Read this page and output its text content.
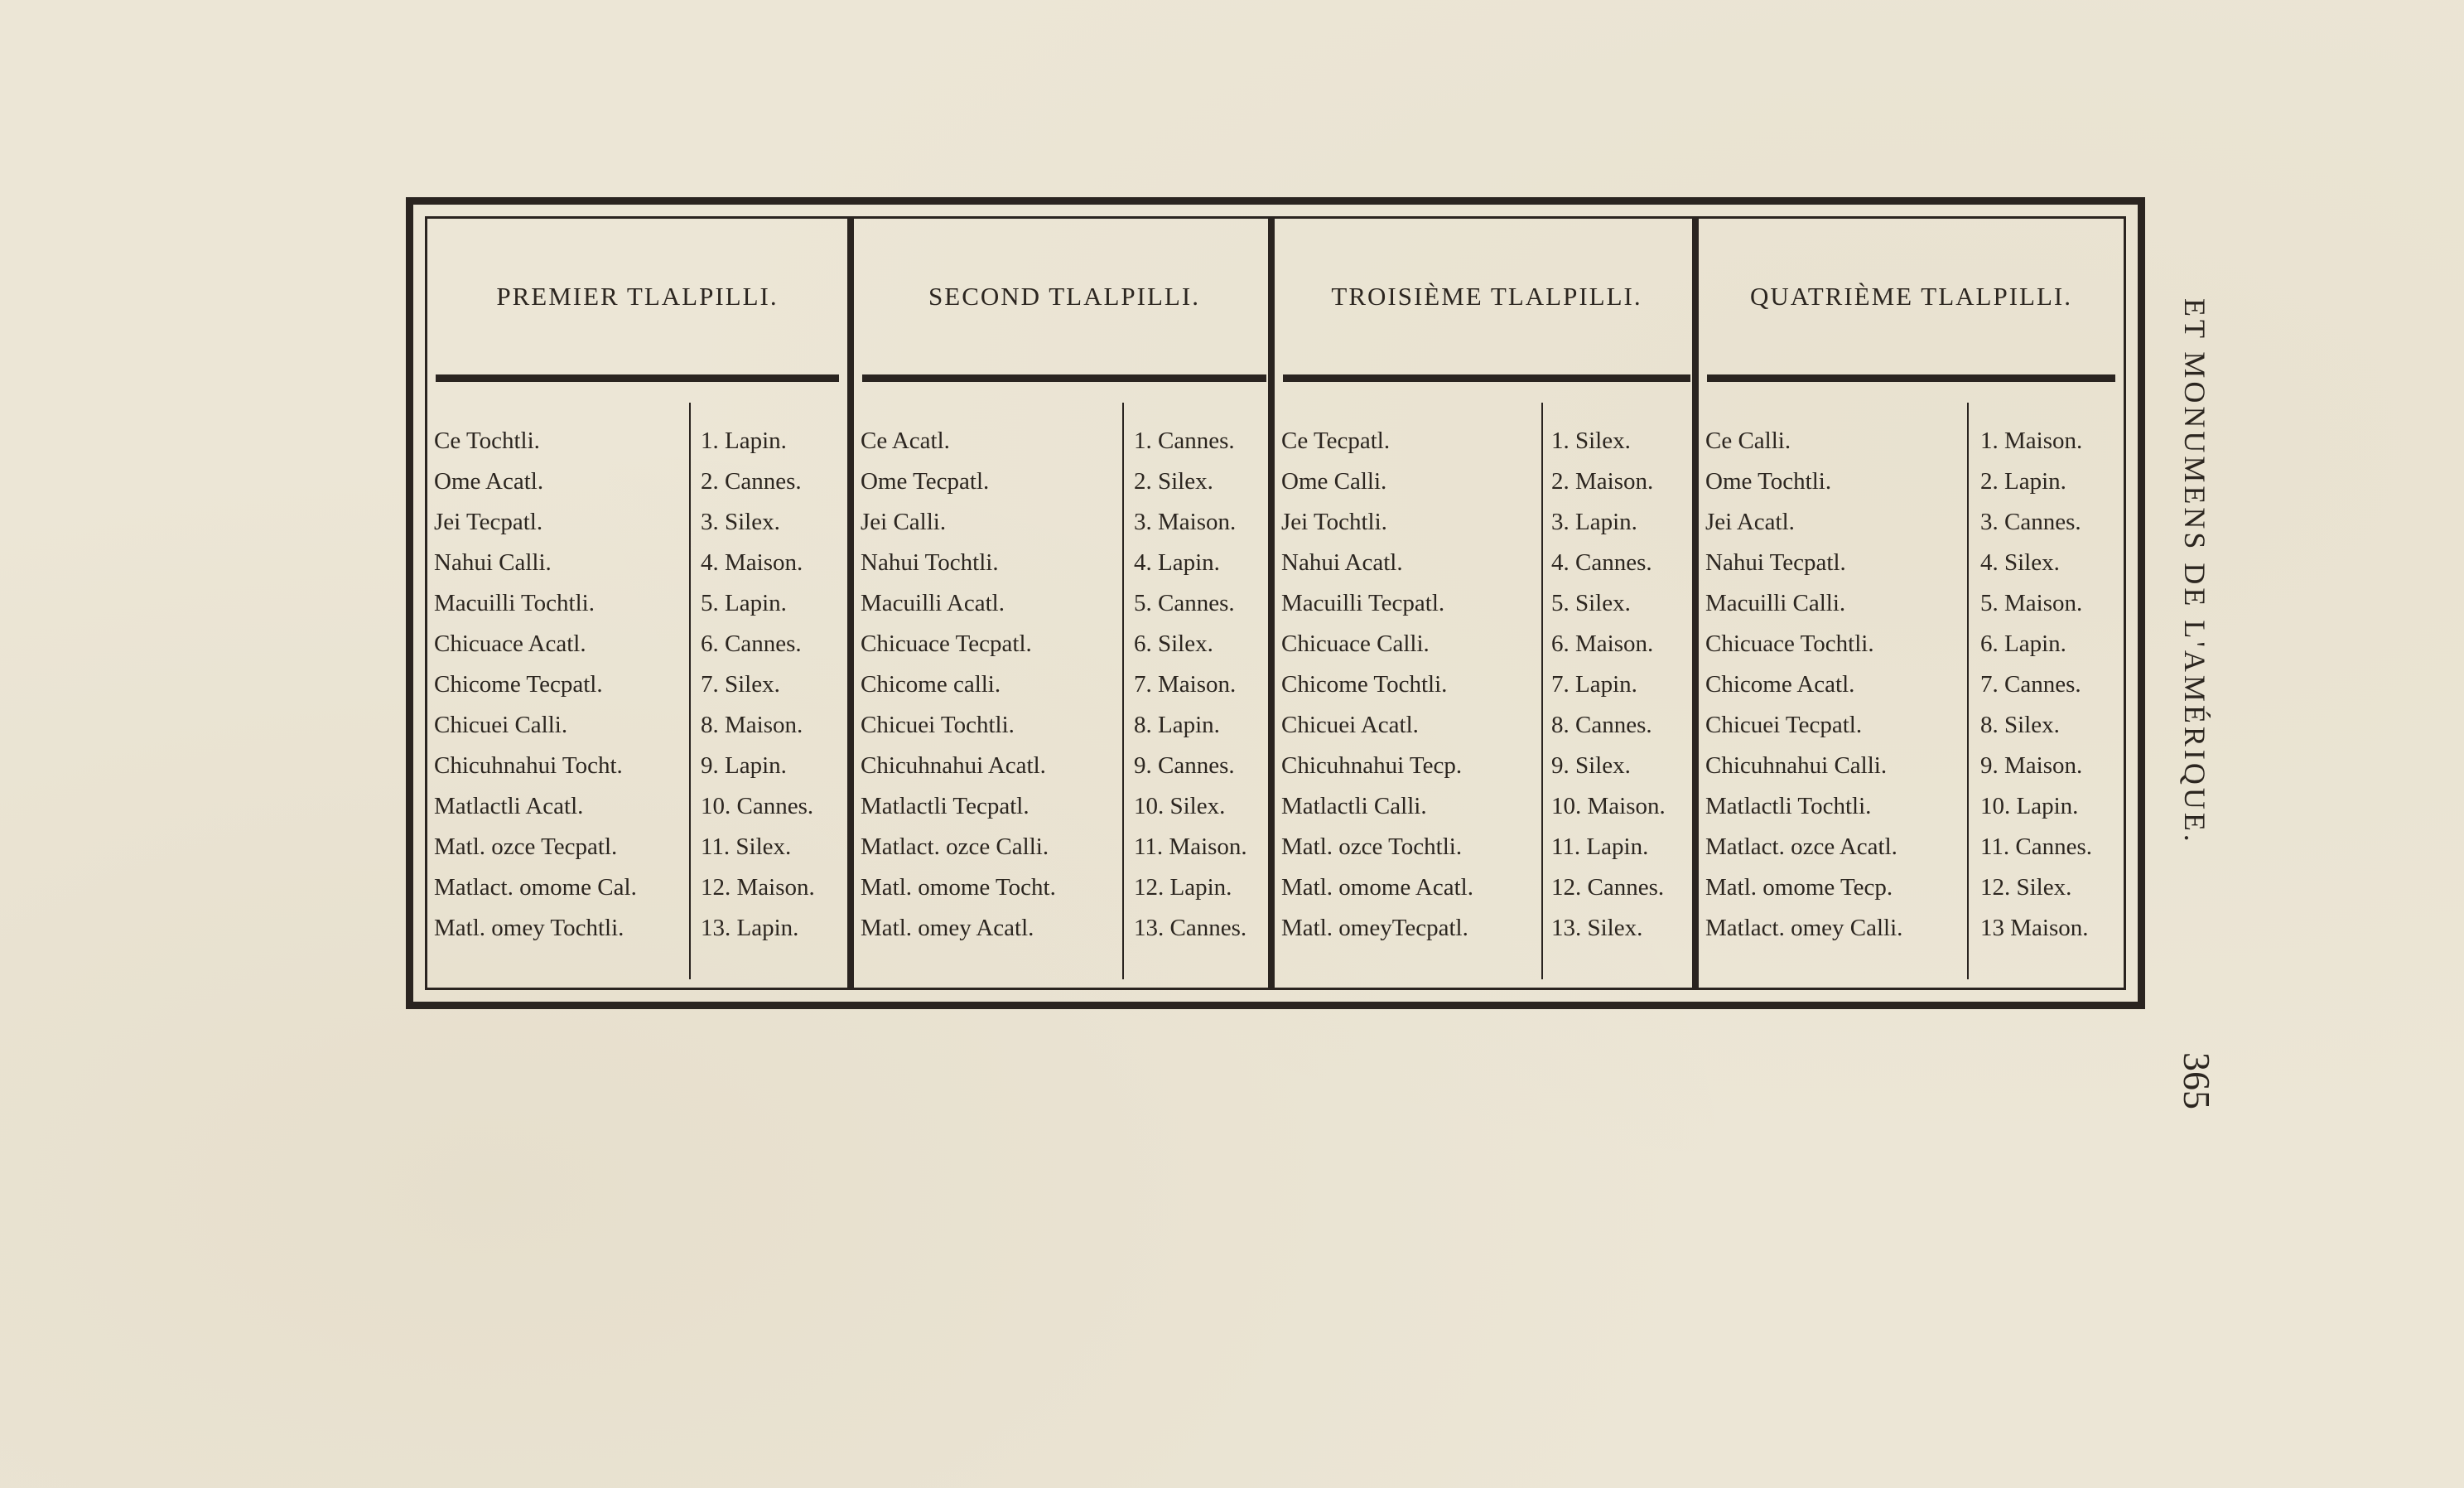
PREMIER TLALPILLI.
Ce Tochtli.	1. Lapin.
Ome Acatl.	2. Cannes.
Jei Tecpatl.	3. Silex.
Nahui Calli.	4. Maison.
Macuilli Tochtli.	5. Lapin.
Chicuace Acatl.	6. Cannes.
Chicome Tecpatl.	7. Silex.
Chicuei Calli.	8. Maison.
Chicuhnahui Tocht.	9. Lapin.
Matlactli Acatl.	10. Cannes.
Matl. ozce Tecpatl.	11. Silex.
Matlact. omome Cal.	12. Maison.
Matl. omey Tochtli.	13. Lapin.
SECOND TLALPILLI.
Ce Acatl.	1. Cannes.
Ome Tecpatl.	2. Silex.
Jei Calli.	3. Maison.
Nahui Tochtli.	4. Lapin.
Macuilli Acatl.	5. Cannes.
Chicuace Tecpatl.	6. Silex.
Chicome calli.	7. Maison.
Chicuei Tochtli.	8. Lapin.
Chicuhnahui Acatl.	9. Cannes.
Matlactli Tecpatl.	10. Silex.
Matlact. ozce Calli.	11. Maison.
Matl. omome Tocht.	12. Lapin.
Matl. omey Acatl.	13. Cannes.
TROISIÈME TLALPILLI.
Ce Tecpatl.	1. Silex.
Ome Calli.	2. Maison.
Jei Tochtli.	3. Lapin.
Nahui Acatl.	4. Cannes.
Macuilli Tecpatl.	5. Silex.
Chicuace Calli.	6. Maison.
Chicome Tochtli.	7. Lapin.
Chicuei Acatl.	8. Cannes.
Chicuhnahui Tecp.	9. Silex.
Matlactli Calli.	10. Maison.
Matl. ozce Tochtli.	11. Lapin.
Matl. omome Acatl.	12. Cannes.
Matl. omeyTecpatl.	13. Silex.
QUATRIÈME TLALPILLI.
Ce Calli.	1. Maison.
Ome Tochtli.	2. Lapin.
Jei Acatl.	3. Cannes.
Nahui Tecpatl.	4. Silex.
Macuilli Calli.	5. Maison.
Chicuace Tochtli.	6. Lapin.
Chicome Acatl.	7. Cannes.
Chicuei Tecpatl.	8. Silex.
Chicuhnahui Calli.	9. Maison.
Matlactli Tochtli.	10. Lapin.
Matlact. ozce Acatl.	11. Cannes.
Matl. omome Tecp.	12. Silex.
Matlact. omey Calli.	13 Maison.
ET MONUMENS DE L'AMÉRIQUE.
365
